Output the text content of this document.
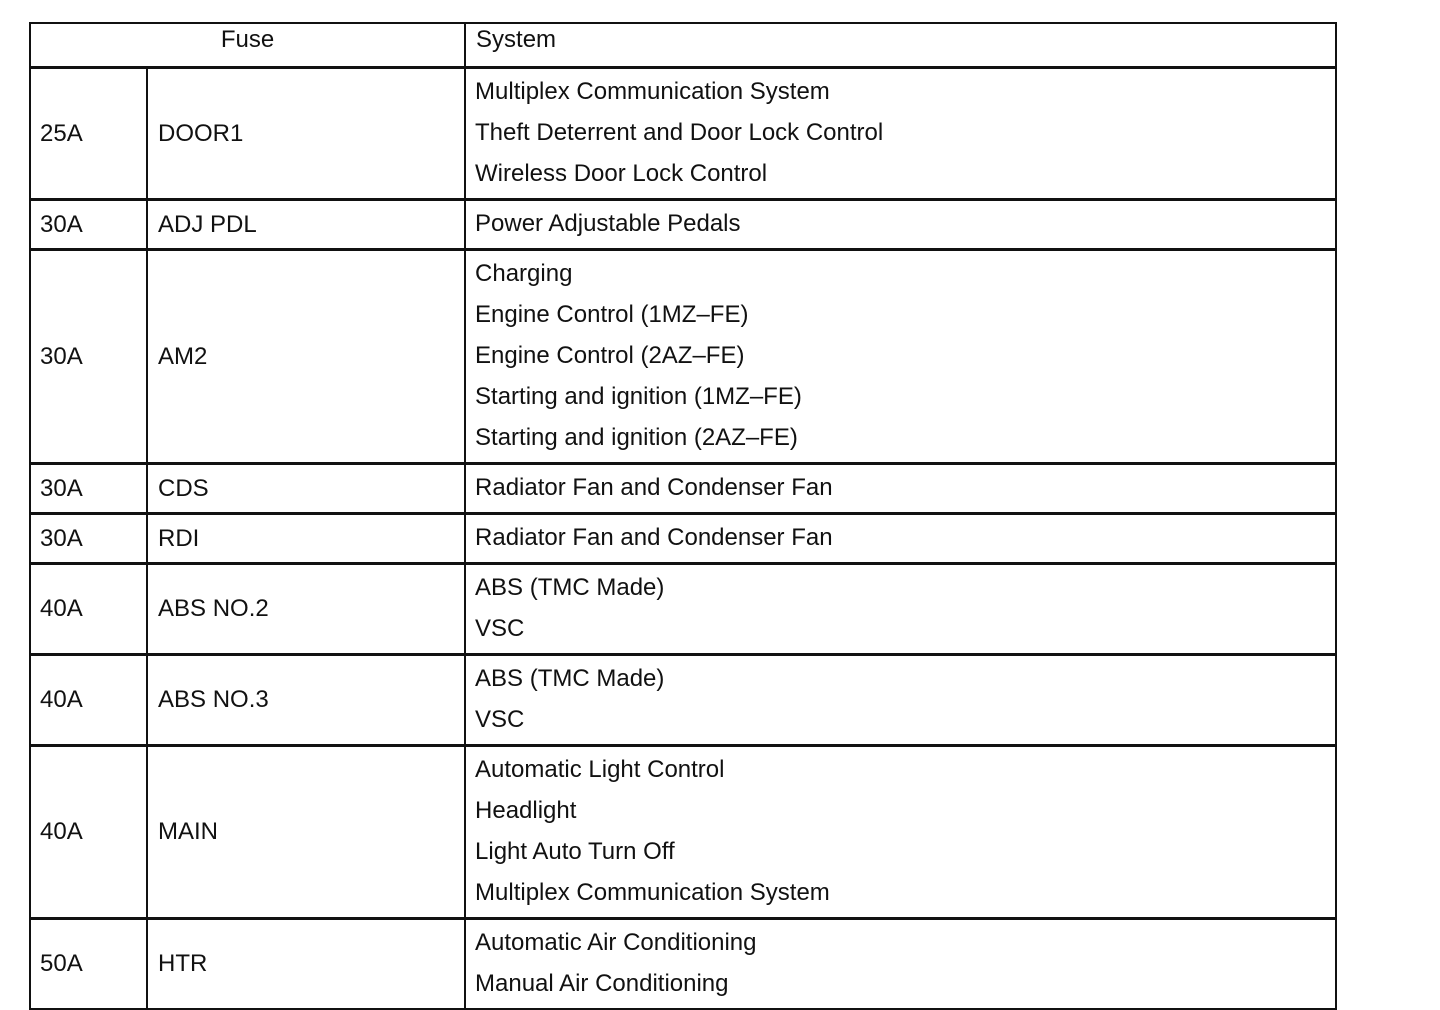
Fuse		System
25A	DOOR1	Multiplex Communication System
Theft Deterrent and Door Lock Control
Wireless Door Lock Control

30A	ADJ PDL	Power Adjustable Pedals

30A	AM2	Charging
Engine Control (1MZ–FE)
Engine Control (2AZ–FE)
Starting and ignition (1MZ–FE)
Starting and ignition (2AZ–FE)

30A	CDS	Radiator Fan and Condenser Fan

30A	RDI	Radiator Fan and Condenser Fan

40A	ABS NO.2	ABS (TMC Made)
VSC

40A	ABS NO.3	ABS (TMC Made)
VSC

40A	MAIN	Automatic Light Control
Headlight
Light Auto Turn Off
Multiplex Communication System

50A	HTR	Automatic Air Conditioning
Manual Air Conditioning
